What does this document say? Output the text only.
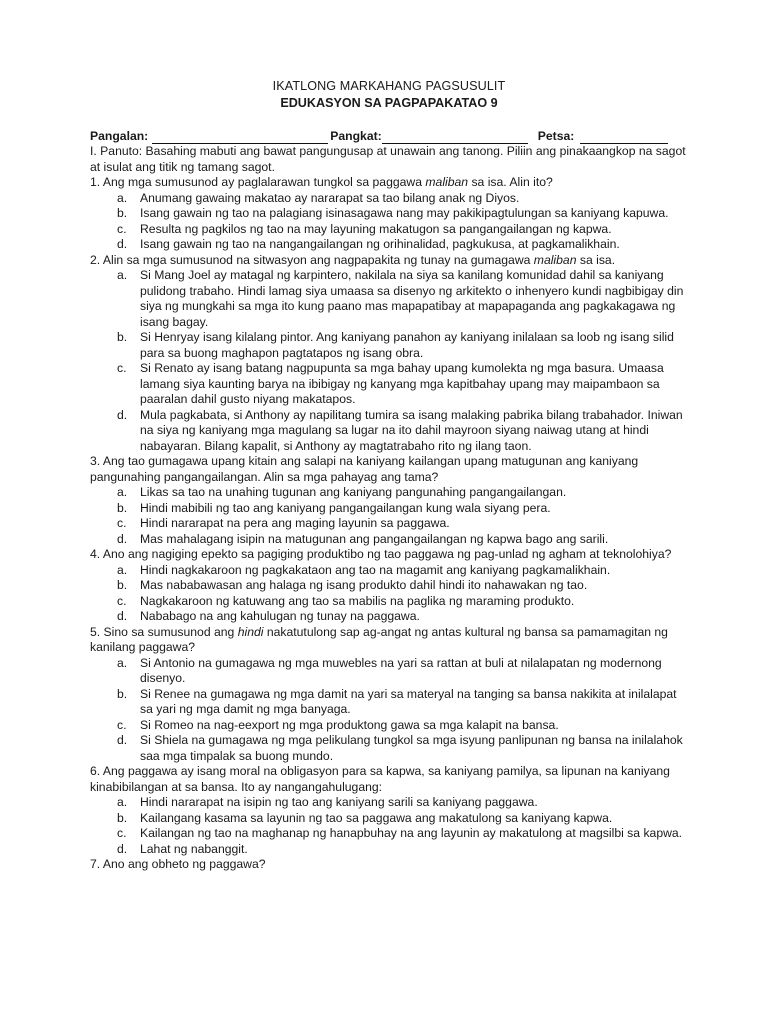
IKATLONG MARKAHANG PAGSUSULIT

EDUKASYON SA PAGPAPAKATAO 9

Pangalan:	Pangkat:	Petsa:

I. Panuto: Basahing mabuti ang bawat pangungusap at unawain ang tanong. Piliin ang pinakaangkop na sagot at isulat ang titik ng tamang sagot.

1. Ang mga sumusunod ay paglalarawan tungkol sa paggawa maliban sa isa. Alin ito?
a.	Anumang gawaing makatao ay nararapat sa tao bilang anak ng Diyos.
b.	Isang gawain ng tao na palagiang isinasagawa nang may pakikipagtulungan sa kaniyang kapuwa.
c.	Resulta ng pagkilos ng tao na may layuning makatugon sa pangangailangan ng kapwa.
d.	Isang gawain ng tao na nangangailangan ng orihinalidad, pagkukusa, at pagkamalikhain.
2. Alin sa mga sumusunod na sitwasyon ang nagpapakita ng tunay na gumagawa maliban sa isa.
a.	Si Mang Joel ay matagal ng karpintero, nakilala na siya sa kanilang komunidad dahil sa kaniyang pulidong trabaho. Hindi lamag siya umaasa sa disenyo ng arkitekto o inhenyero kundi nagbibigay din siya ng mungkahi sa mga ito kung paano mas mapapatibay at mapapaganda ang pagkakagawa ng isang bagay.
b.	Si Henryay isang kilalang pintor. Ang kaniyang panahon ay kaniyang inilalaan sa loob ng isang silid para sa buong maghapon pagtatapos ng isang obra.
c.	Si Renato ay isang batang nagpupunta sa mga bahay upang kumolekta ng mga basura. Umaasa lamang siya kaunting barya na ibibigay ng kanyang mga kapitbahay upang may maipambaon sa paaralan dahil gusto niyang makatapos.
d.	Mula pagkabata, si Anthony ay napilitang tumira sa isang malaking pabrika bilang trabahador. Iniwan na siya ng kaniyang mga magulang sa lugar na ito dahil mayroon siyang naiwag utang at hindi nabayaran. Bilang kapalit, si Anthony ay magtatrabaho rito ng ilang taon.
3. Ang tao gumagawa upang kitain ang salapi na kaniyang kailangan upang matugunan ang kaniyang pangunahing pangangailangan. Alin sa mga pahayag ang tama?
a.	Likas sa tao na unahing tugunan ang kaniyang pangunahing pangangailangan.
b.	Hindi mabibili ng tao ang kaniyang pangangailangan kung wala siyang pera.
c.	Hindi nararapat na pera ang maging layunin sa paggawa.
d.	Mas mahalagang isipin na matugunan ang pangangailangan ng kapwa bago ang sarili.
4. Ano ang nagiging epekto sa pagiging produktibo ng tao paggawa ng pag-unlad ng agham at teknolohiya?
a.	Hindi nagkakaroon ng pagkakataon ang tao na magamit ang kaniyang pagkamalikhain.
b.	Mas nababawasan ang halaga ng isang produkto dahil hindi ito nahawakan ng tao.
c.	Nagkakaroon ng katuwang ang tao sa mabilis na paglika ng maraming produkto.
d.	Nababago na ang kahulugan ng tunay na paggawa.
5. Sino sa sumusunod ang hindi nakatutulong sap ag-angat ng antas kultural ng bansa sa pamamagitan ng kanilang paggawa?
a.	Si Antonio na gumagawa ng mga muwebles na yari sa rattan at buli at nilalapatan ng modernong disenyo.
b.	Si Renee na gumagawa ng mga damit na yari sa materyal na tanging sa bansa nakikita at inilalapat sa yari ng mga damit ng mga banyaga.
c.	Si Romeo na nag-eexport ng mga produktong gawa sa mga kalapit na bansa.
d.	Si Shiela na gumagawa ng mga pelikulang tungkol sa mga isyung panlipunan ng bansa na inilalahok saa mga timpalak sa buong mundo.
6. Ang paggawa ay isang moral na obligasyon para sa kapwa, sa kaniyang pamilya, sa lipunan na kaniyang kinabibilangan at sa bansa. Ito ay nangangahulugang:
a.	Hindi nararapat na isipin ng tao ang kaniyang sarili sa kaniyang paggawa.
b.	Kailangang kasama sa layunin ng tao sa paggawa ang makatulong sa kaniyang kapwa.
c.	Kailangan ng tao na maghanap ng hanapbuhay na ang layunin ay makatulong at magsilbi sa kapwa.
d.	Lahat ng nabanggit.
7. Ano ang obheto ng paggawa?
